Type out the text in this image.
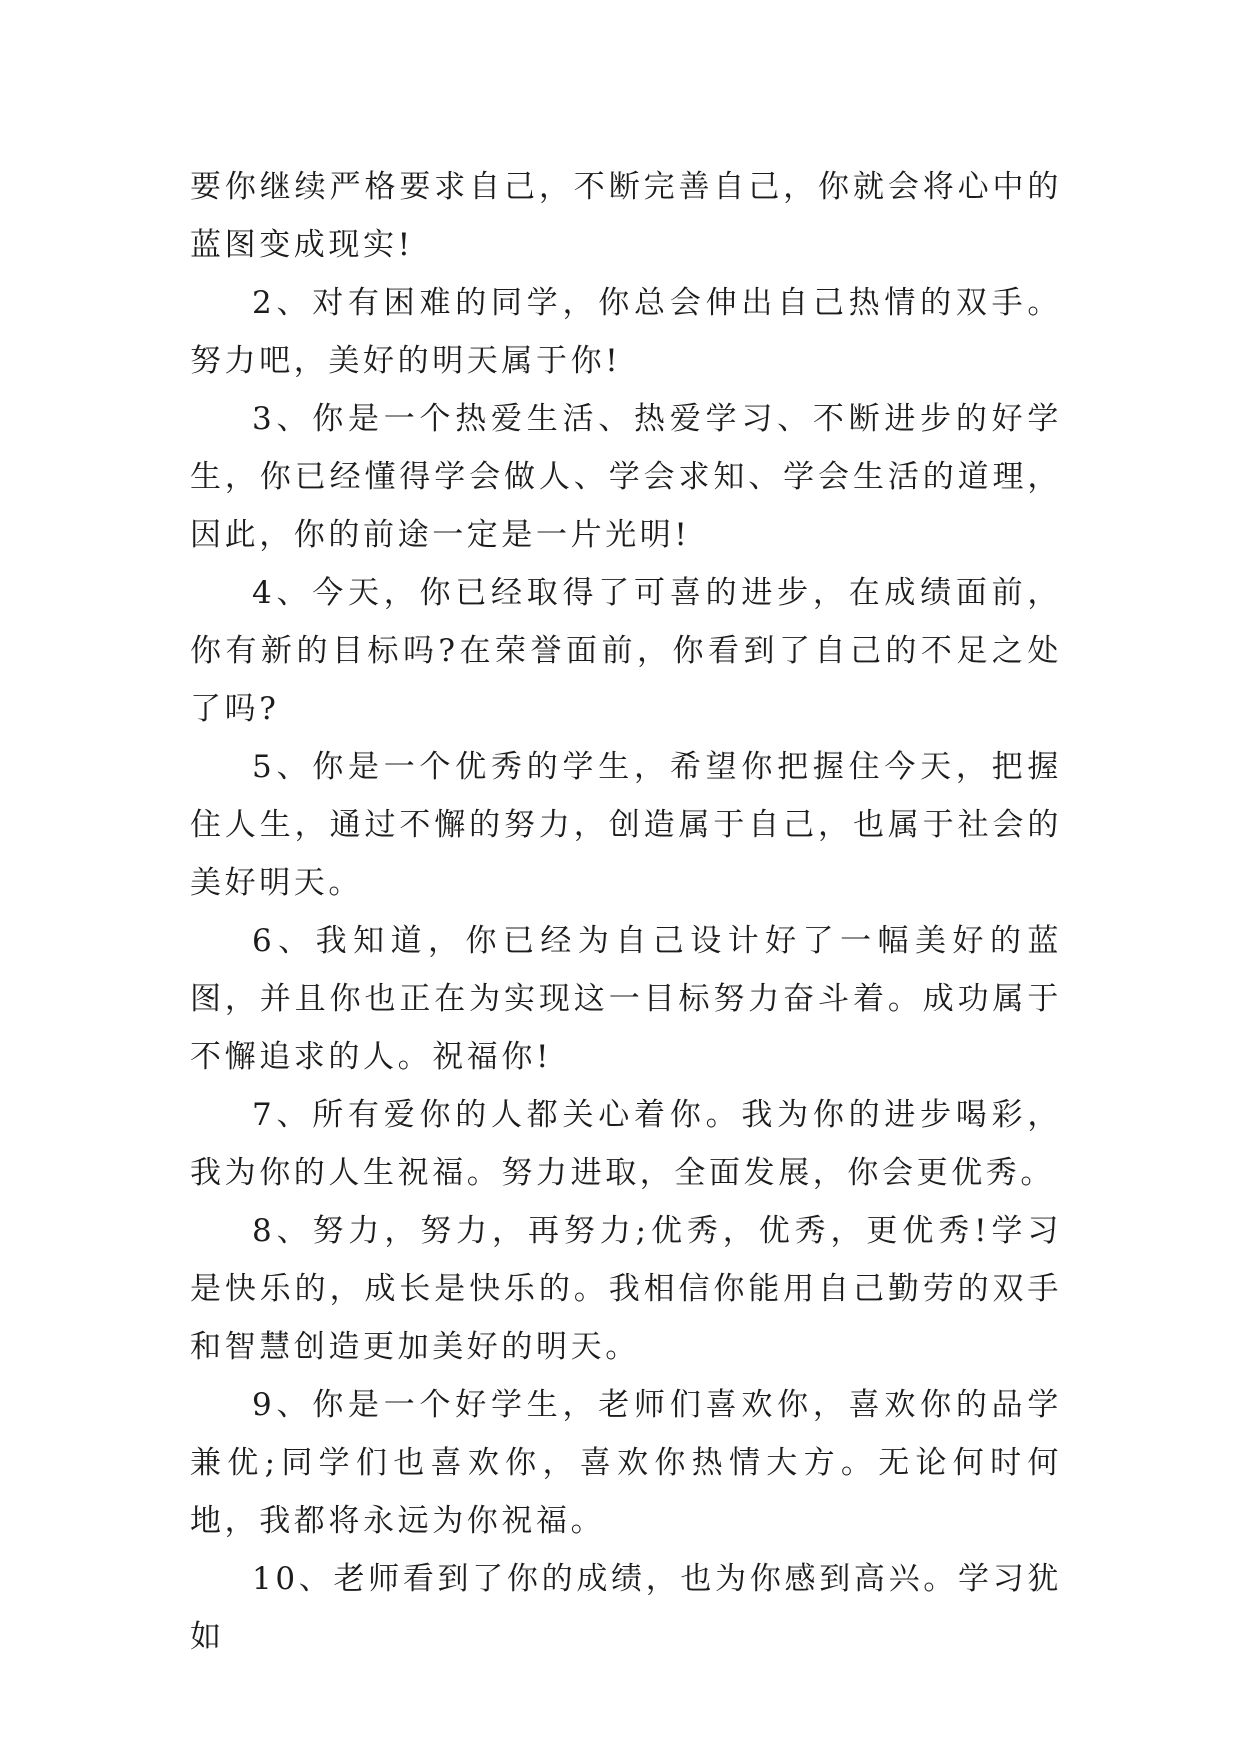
要你继续严格要求自己，不断完善自己，你就会将心中的蓝图变成现实!

2、对有困难的同学，你总会伸出自己热情的双手。努力吧，美好的明天属于你!

3、你是一个热爱生活、热爱学习、不断进步的好学生，你已经懂得学会做人、学会求知、学会生活的道理，因此，你的前途一定是一片光明!

4、今天，你已经取得了可喜的进步，在成绩面前，你有新的目标吗?在荣誉面前，你看到了自己的不足之处了吗?

5、你是一个优秀的学生，希望你把握住今天，把握住人生，通过不懈的努力，创造属于自己，也属于社会的美好明天。

6、我知道，你已经为自己设计好了一幅美好的蓝图，并且你也正在为实现这一目标努力奋斗着。成功属于不懈追求的人。祝福你!

7、所有爱你的人都关心着你。我为你的进步喝彩，我为你的人生祝福。努力进取，全面发展，你会更优秀。

8、努力，努力，再努力;优秀，优秀，更优秀!学习是快乐的，成长是快乐的。我相信你能用自己勤劳的双手和智慧创造更加美好的明天。

9、你是一个好学生，老师们喜欢你，喜欢你的品学兼优;同学们也喜欢你，喜欢你热情大方。无论何时何地，我都将永远为你祝福。

10、老师看到了你的成绩，也为你感到高兴。学习犹如
